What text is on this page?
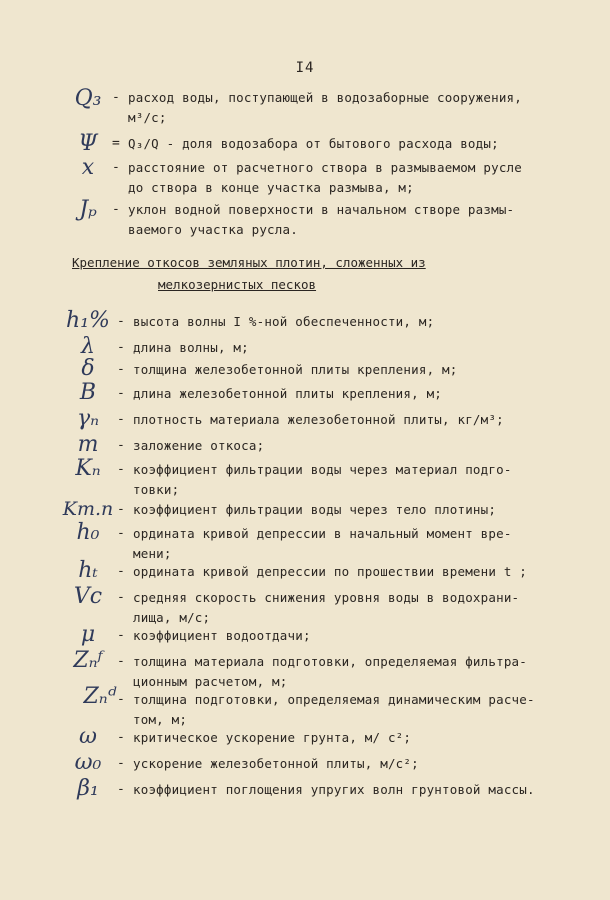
I4
Q₃ - расход воды, поступающей в водозаборные сооружения,
м³/с;
Ψ	= Q₃/Q - доля водозабора от бытового расхода воды;
x	- расстояние от расчетного створа в размываемом русле
до створа в конце участка размыва, м;
Jₚ	- уклон водной поверхности в начальном створе размы-
ваемого участка русла.
Крепление откосов земляных плотин, сложенных из
мелкозернистых песков
h₁% - высота волны I %-ной обеспеченности, м;
λ	- длина волны, м;
δ	- толщина железобетонной плиты крепления, м;
B	- длина железобетонной плиты крепления, м;
γₙ	- плотность материала железобетонной плиты, кг/м³;
m	- заложение откоса;
Kₙ	- коэффициент фильтрации воды через материал подго-
товки;
Kт.п - коэффициент фильтрации воды через тело плотины;
h₀	- ордината кривой депрессии в начальный момент вре-
мени;
hₜ	- ордината кривой депрессии по прошествии времени t ;
Vc	- средняя скорость снижения уровня воды в водохрани-
лища, м/с;
μ	- коэффициент водоотдачи;
Zₙᶠ	- толщина материала подготовки, определяемая фильтра-
ционным расчетом, м;
Zₙᵈ - толщина подготовки, определяемая динамическим расче-
том, м;
ω	- критическое ускорение грунта, м/ с²;
ω₀	- ускорение железобетонной плиты, м/с²;
β₁	- коэффициент поглощения упругих волн грунтовой массы.
